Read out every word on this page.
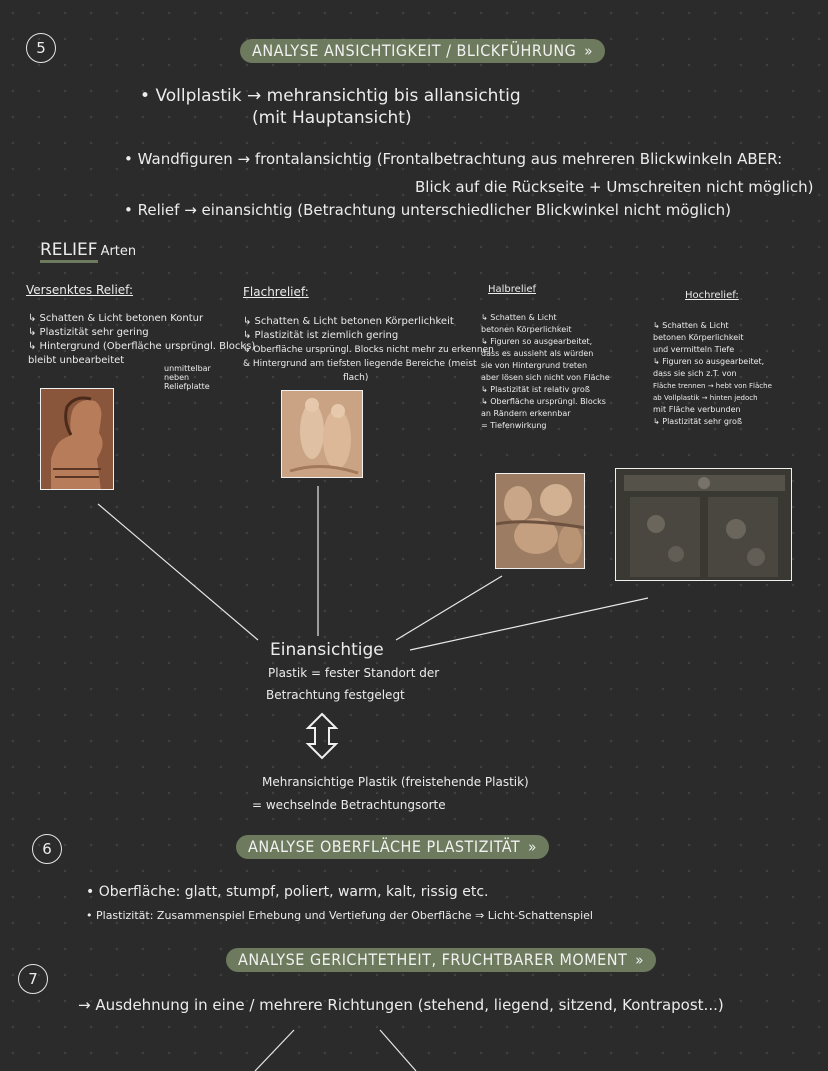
5	ANALYSE ANSICHTIGKEIT / BLICKFÜHRUNG »
• Vollplastik → mehransichtig bis allansichtig
(mit Hauptansicht)
• Wandfiguren → frontalansichtig (Frontalbetrachtung aus mehreren Blickwinkeln ABER:
Blick auf die Rückseite + Umschreiten nicht möglich)
• Relief → einansichtig (Betrachtung unterschiedlicher Blickwinkel nicht möglich)
RELIEF Arten
Versenktes Relief:
↳ Schatten & Licht betonen Kontur
↳ Plastizität sehr gering
↳ Hintergrund (Oberfläche ursprüngl. Blocks)
bleibt unbearbeitet
unmittelbar neben Reliefplatte
Flachrelief:
↳ Schatten & Licht betonen Körperlichkeit
↳ Plastizität ist ziemlich gering
↳ Oberfläche ursprüngl. Blocks nicht mehr zu erkennen
& Hintergrund am tiefsten liegende Bereiche (meist
flach)
Halbrelief
↳ Schatten & Licht
betonen Körperlichkeit
↳ Figuren so ausgearbeitet,
dass es aussieht als würden
sie von Hintergrund treten
aber lösen sich nicht von Fläche
↳ Plastizität ist relativ groß
↳ Oberfläche ursprüngl. Blocks
an Rändern erkennbar
= Tiefenwirkung
Hochrelief:
↳ Schatten & Licht
betonen Körperlichkeit
und vermitteln Tiefe
↳ Figuren so ausgearbeitet,
dass sie sich z.T. von
Fläche trennen → hebt von Fläche
ab Vollplastik → hinten jedoch
mit Fläche verbunden
↳ Plastizität sehr groß
Einansichtige
Plastik = fester Standort der
Betrachtung festgelegt
Mehransichtige Plastik (freistehende Plastik)
= wechselnde Betrachtungsorte
6	ANALYSE OBERFLÄCHE PLASTIZITÄT »
• Oberfläche: glatt, stumpf, poliert, warm, kalt, rissig etc.
• Plastizität: Zusammenspiel Erhebung und Vertiefung der Oberfläche ⇒ Licht-Schattenspiel
7
ANALYSE GERICHTETHEIT, FRUCHTBARER MOMENT »
→ Ausdehnung in eine / mehrere Richtungen (stehend, liegend, sitzend, Kontrapost...)
